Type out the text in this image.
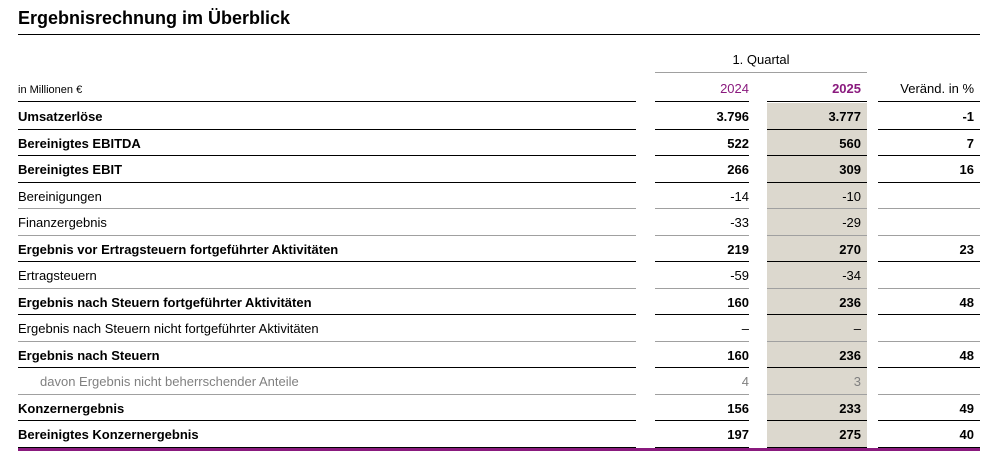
Ergebnisrechnung im Überblick
1. Quartal
in Millionen €	2024	2025	Veränd. in %
Umsatzerlöse	3.796	3.777	-1
Bereinigtes EBITDA	522	560	7
Bereinigtes EBIT	266	309	16
Bereinigungen	-14	-10
Finanzergebnis	-33	-29
Ergebnis vor Ertragsteuern fortgeführter Aktivitäten	219	270	23
Ertragsteuern	-59	-34
Ergebnis nach Steuern fortgeführter Aktivitäten	160	236	48
Ergebnis nach Steuern nicht fortgeführter Aktivitäten	–	–
Ergebnis nach Steuern	160	236	48
davon Ergebnis nicht beherrschender Anteile	4	3
Konzernergebnis	156	233	49
Bereinigtes Konzernergebnis	197	275	40
